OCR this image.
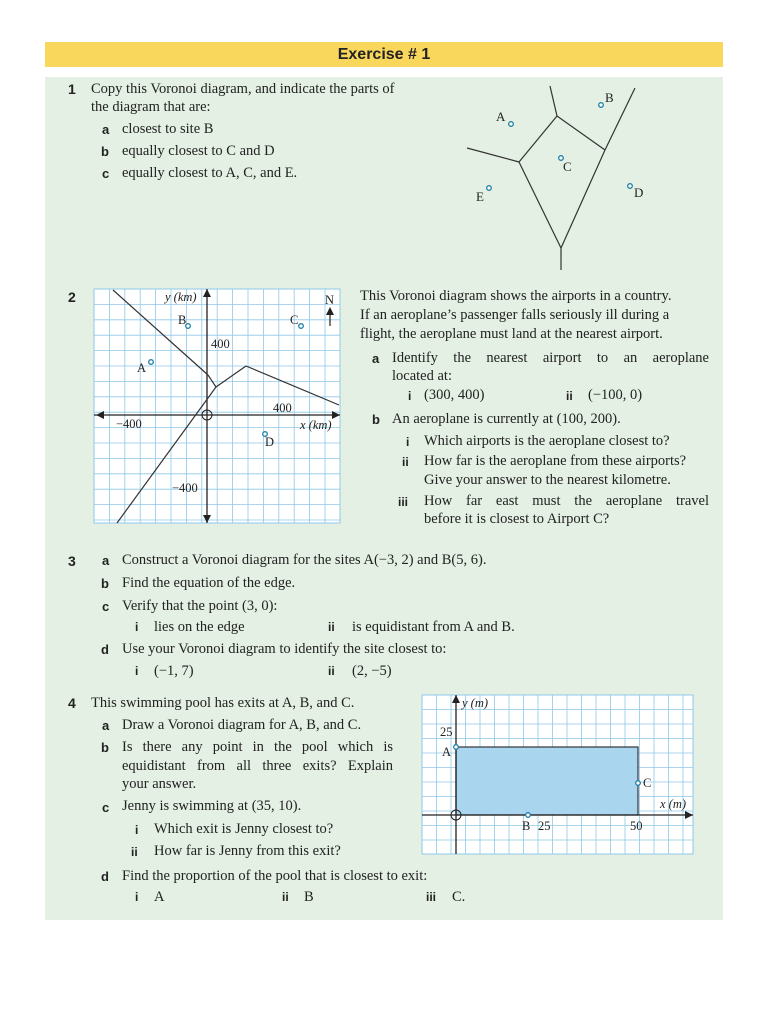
Exercise # 1
1 Copy this Voronoi diagram, and indicate the parts of
the diagram that are:
a closest to site B
b equally closest to C and D
c equally closest to A, C, and E.
B
A
C
D
E
2	y (km)	N
B	C
400
A
400
−400	x (km)
D
−400
This Voronoi diagram shows the airports in a country.
If an aeroplane’s passenger falls seriously ill during a
flight, the aeroplane must land at the nearest airport.
a Identify the nearest airport to an aeroplane
located at:
i (300, 400)	ii (−100, 0)
b An aeroplane is currently at (100, 200).
i Which airports is the aeroplane closest to?
ii How far is the aeroplane from these airports?
Give your answer to the nearest kilometre.
iii How far east must the aeroplane travel
before it is closest to Airport C?
3 a Construct a Voronoi diagram for the sites A(−3, 2) and B(5, 6).
b Find the equation of the edge.
c Verify that the point (3, 0):
i lies on the edge	ii is equidistant from A and B.
d Use your Voronoi diagram to identify the site closest to:
i (−1, 7)	ii (2, −5)
4 This swimming pool has exits at A, B, and C.
a Draw a Voronoi diagram for A, B, and C.
b Is there any point in the pool which is
equidistant from all three exits? Explain
your answer.
c Jenny is swimming at (35, 10).
i Which exit is Jenny closest to?
ii How far is Jenny from this exit?
d Find the proportion of the pool that is closest to exit:
i A	ii B	iii C.
y (m)
25
A
C
x (m)
B 25	50
